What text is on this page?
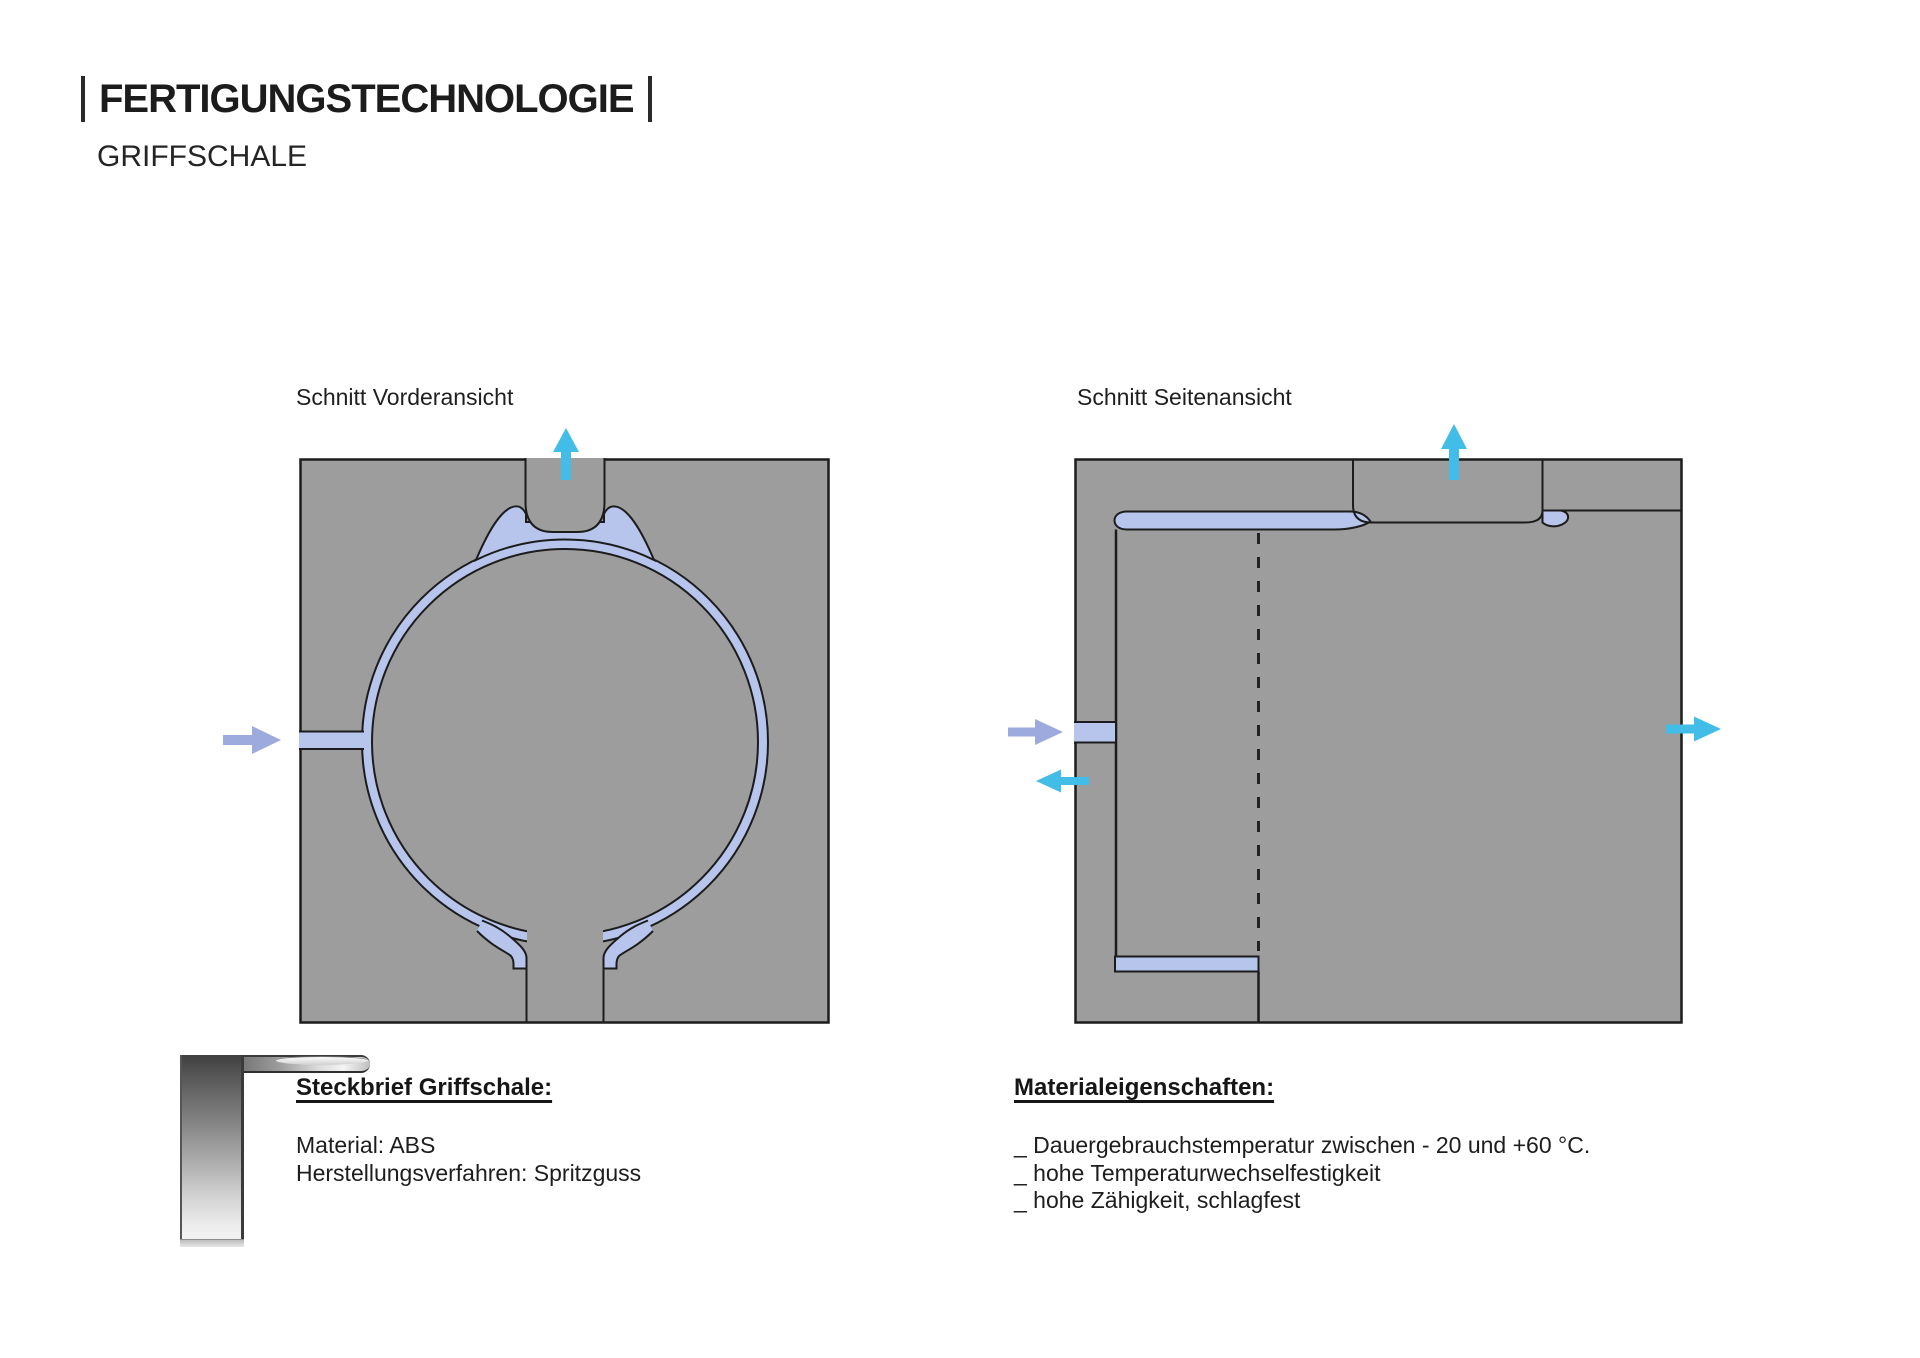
FERTIGUNGSTECHNOLOGIE
GRIFFSCHALE
Schnitt Vorderansicht	Schnitt Seitenansicht

Steckbrief Griffschale:

Material: ABS

Herstellungsverfahren: Spritzguss

Materialeigenschaften:

_ Dauergebrauchstemperatur zwischen - 20 und +60 °C.

_ hohe Temperaturwechselfestigkeit

_ hohe Zähigkeit, schlagfest
